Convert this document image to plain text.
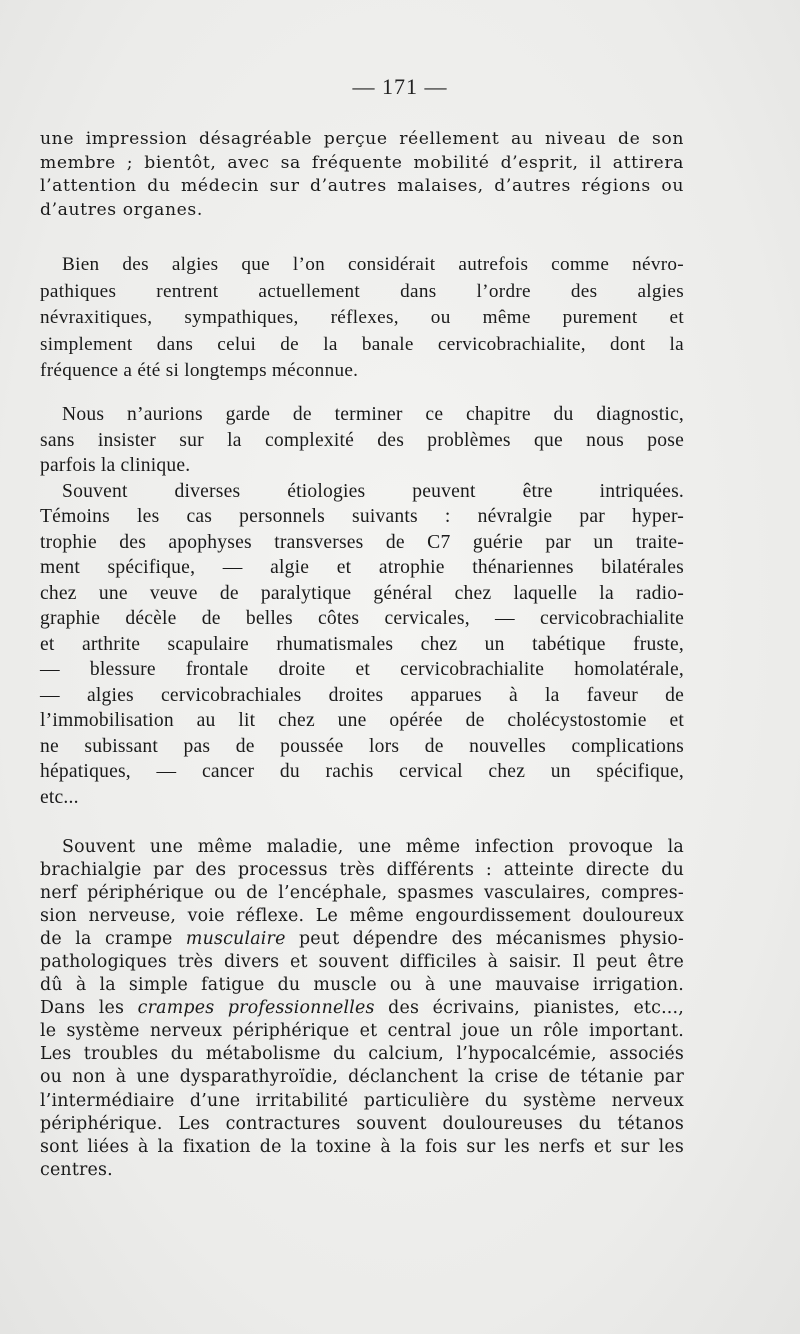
— 171 —

une impression désagréable perçue réellement au niveau de son
membre ; bientôt, avec sa fréquente mobilité d’esprit, il attirera
l’attention du médecin sur d’autres malaises, d’autres régions ou
d’autres organes.

Bien des algies que l’on considérait autrefois comme névro-
pathiques rentrent actuellement dans l’ordre des algies
névraxitiques, sympathiques, réflexes, ou même purement et
simplement dans celui de la banale cervicobrachialite, dont la
fréquence a été si longtemps méconnue.

Nous n’aurions garde de terminer ce chapitre du diagnostic,
sans insister sur la complexité des problèmes que nous pose
parfois la clinique.
Souvent diverses étiologies peuvent être intriquées.
Témoins les cas personnels suivants : névralgie par hyper-
trophie des apophyses transverses de C7 guérie par un traite-
ment spécifique, — algie et atrophie thénariennes bilatérales
chez une veuve de paralytique général chez laquelle la radio-
graphie décèle de belles côtes cervicales, — cervicobrachialite
et arthrite scapulaire rhumatismales chez un tabétique fruste,
— blessure frontale droite et cervicobrachialite homolatérale,
— algies cervicobrachiales droites apparues à la faveur de
l’immobilisation au lit chez une opérée de cholécystostomie et
ne subissant pas de poussée lors de nouvelles complications
hépatiques, — cancer du rachis cervical chez un spécifique,
etc...

Souvent une même maladie, une même infection provoque la
brachialgie par des processus très différents : atteinte directe du
nerf périphérique ou de l’encéphale, spasmes vasculaires, compres-
sion nerveuse, voie réflexe. Le même engourdissement douloureux
de la crampe musculaire peut dépendre des mécanismes physio-
pathologiques très divers et souvent difficiles à saisir. Il peut être
dû à la simple fatigue du muscle ou à une mauvaise irrigation.
Dans les crampes professionnelles des écrivains, pianistes, etc...,
le système nerveux périphérique et central joue un rôle important.
Les troubles du métabolisme du calcium, l’hypocalcémie, associés
ou non à une dysparathyroïdie, déclanchent la crise de tétanie par
l’intermédiaire d’une irritabilité particulière du système nerveux
périphérique. Les contractures souvent douloureuses du tétanos
sont liées à la fixation de la toxine à la fois sur les nerfs et sur les
centres.
